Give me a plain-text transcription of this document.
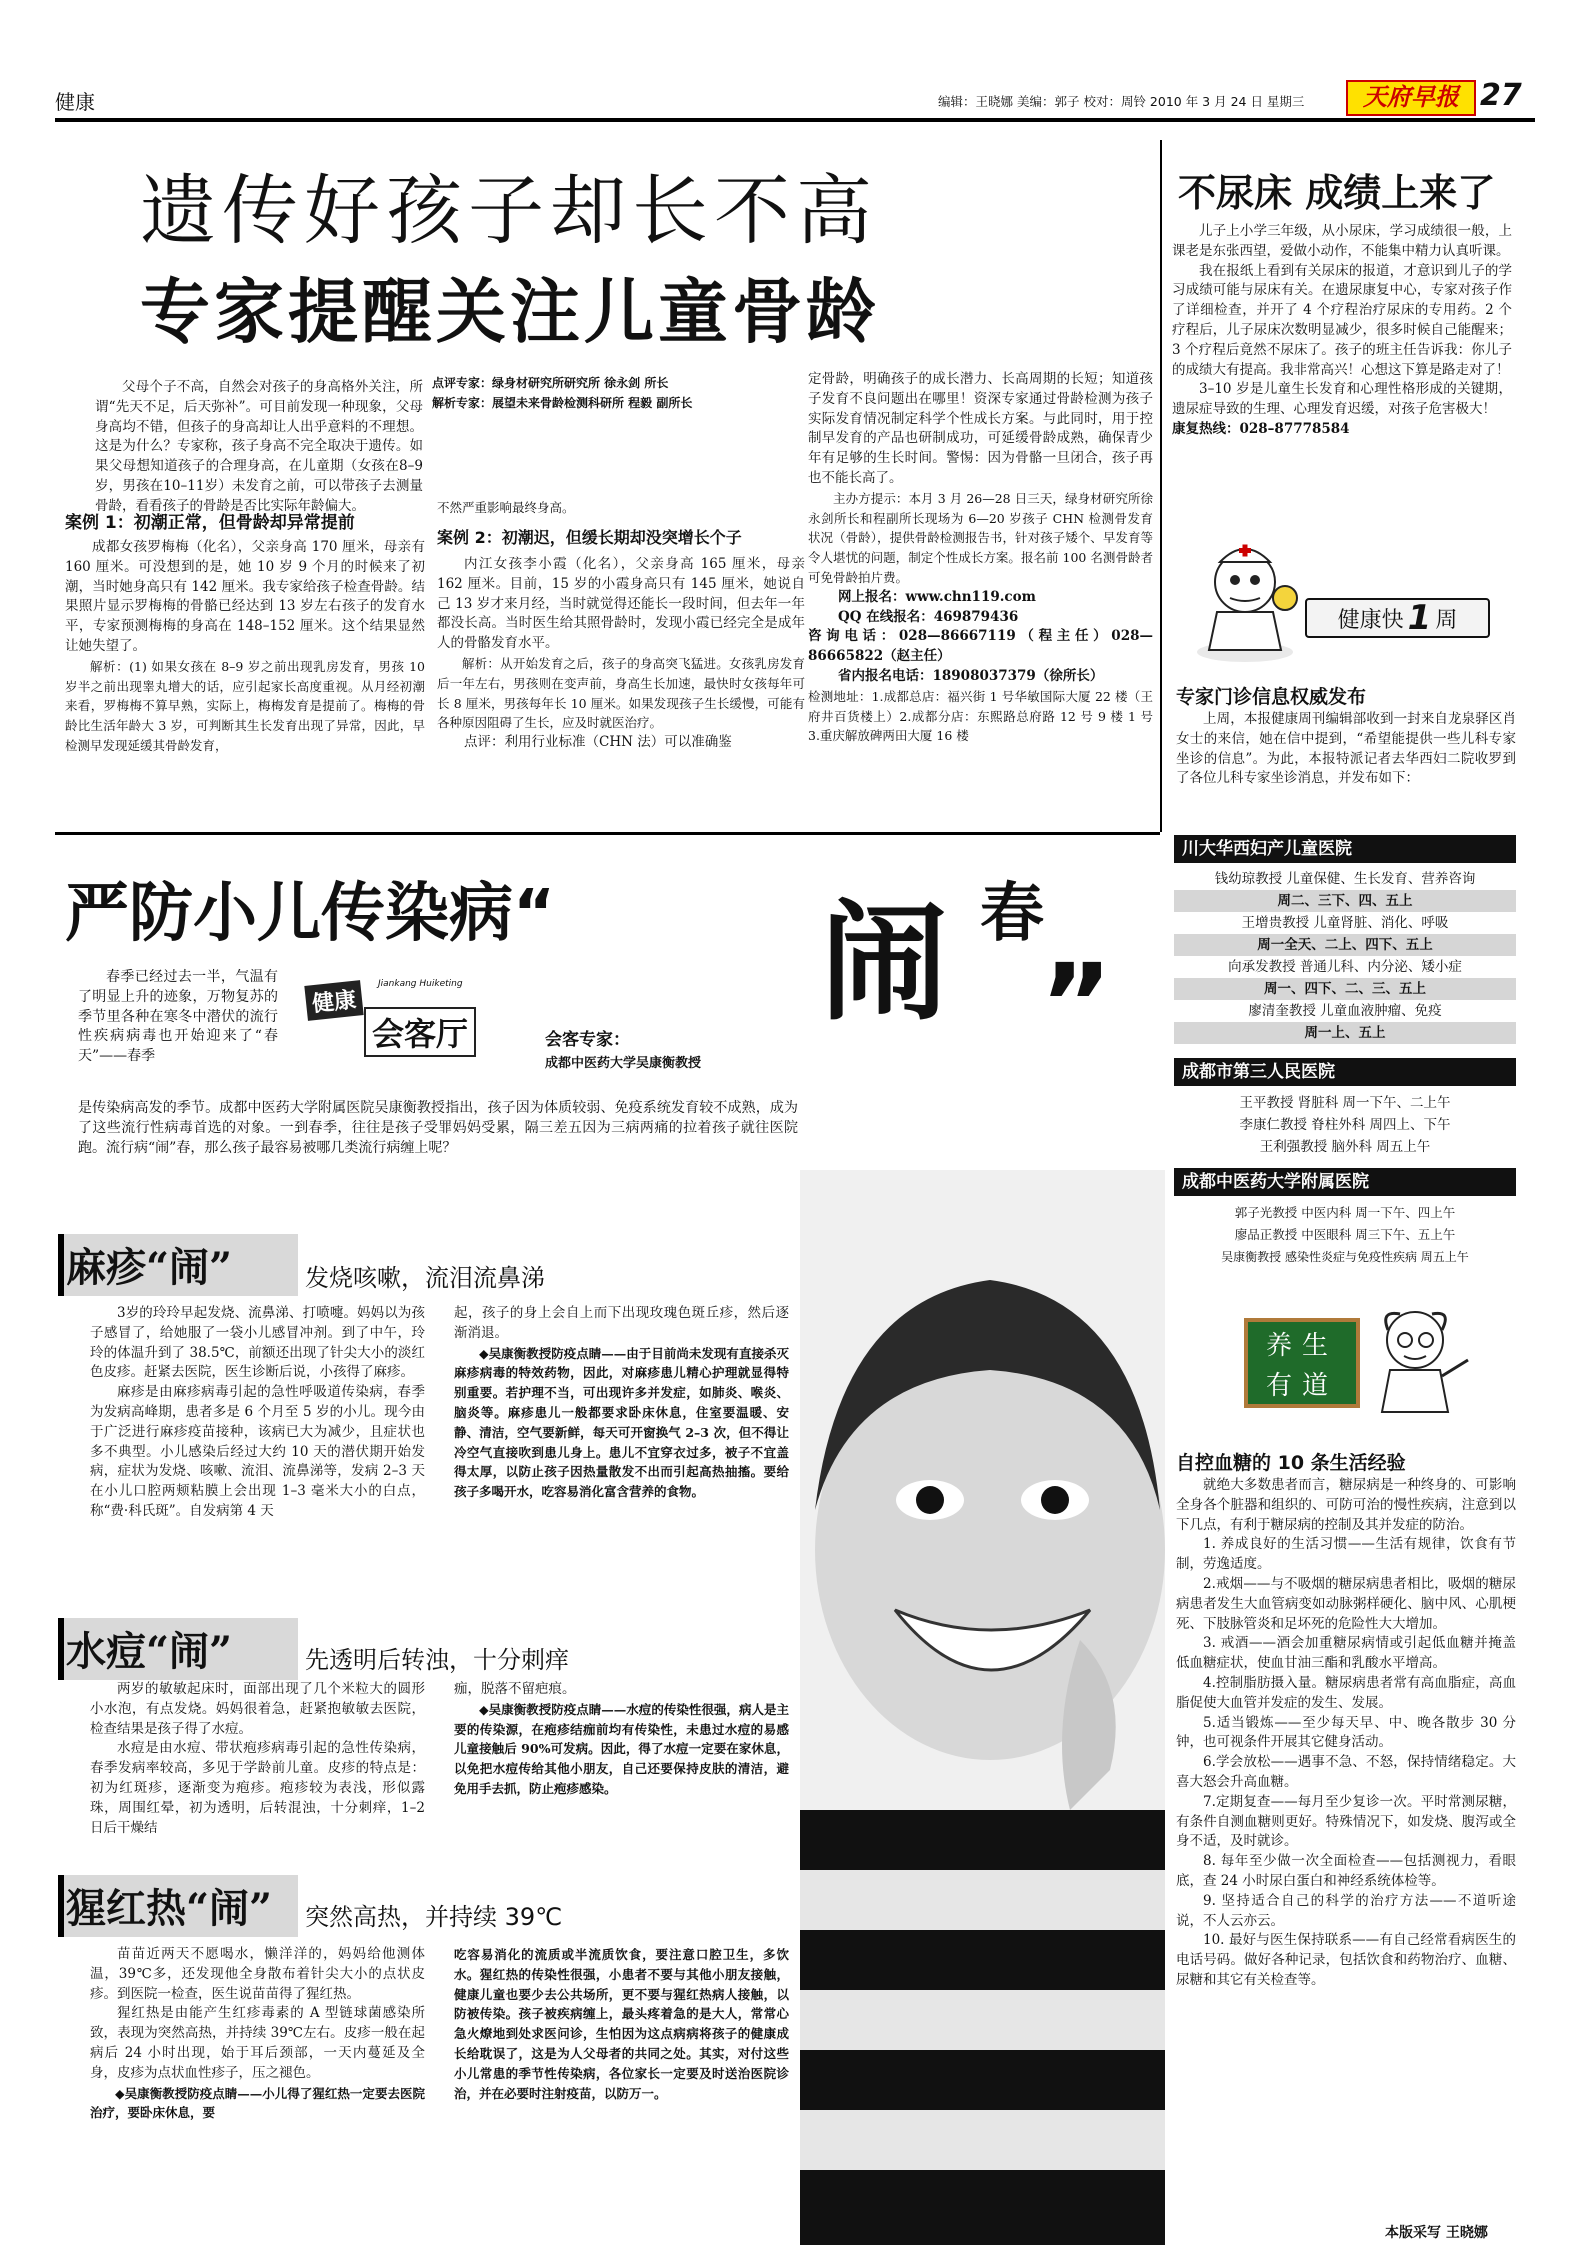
健康	编辑：王晓娜 美编：郭子 校对：周铃 2010 年 3 月 24 日 星期三	天府早报 27
遗传好孩子却长不高
专家提醒关注儿童骨龄

父母个子不高，自然会对孩子的身高格外关注，所谓“先天不足，后天弥补”。可目前发现一种现象，父母身高均不错，但孩子的身高却让人出乎意料的不理想。这是为什么？专家称，孩子身高不完全取决于遗传。如果父母想知道孩子的合理身高，在儿童期（女孩在8–9岁，男孩在10–11岁）未发育之前，可以带孩子去测量骨龄，看看孩子的骨龄是否比实际年龄偏大。

点评专家：绿身材研究所研究所 徐永剑 所长

解析专家：展望未来骨龄检测科研所 程毅 副所长

案例 1：初潮正常，但骨龄却异常提前

成都女孩罗梅梅（化名），父亲身高 170 厘米，母亲有 160 厘米。可没想到的是，她 10 岁 9 个月的时候来了初潮，当时她身高只有 142 厘米。我专家给孩子检查骨龄。结果照片显示罗梅梅的骨骼已经达到 13 岁左右孩子的发育水平，专家预测梅梅的身高在 148–152 厘米。这个结果显然让她失望了。

解析：(1) 如果女孩在 8–9 岁之前出现乳房发育，男孩 10 岁半之前出现睾丸增大的话，应引起家长高度重视。从月经初潮来看，罗梅梅不算早熟，实际上，梅梅发育是提前了。梅梅的骨龄比生活年龄大 3 岁，可判断其生长发育出现了异常，因此，早检测早发现延缓其骨龄发育，

不然严重影响最终身高。

案例 2：初潮迟，但缓长期却没突增长个子

内江女孩李小霞（化名），父亲身高 165 厘米，母亲 162 厘米。目前，15 岁的小霞身高只有 145 厘米，她说自己 13 岁才来月经，当时就觉得还能长一段时间，但去年一年都没长高。当时医生给其照骨龄时，发现小霞已经完全是成年人的骨骼发育水平。

解析：从开始发育之后，孩子的身高突飞猛进。女孩乳房发育后一年左右，男孩则在变声前，身高生长加速，最快时女孩每年可长 8 厘米，男孩每年长 10 厘米。如果发现孩子生长缓慢，可能有各种原因阻碍了生长，应及时就医治疗。

点评：利用行业标准（CHN 法）可以准确鉴

定骨龄，明确孩子的成长潜力、长高周期的长短；知道孩子发育不良问题出在哪里！资深专家通过骨龄检测为孩子实际发育情况制定科学个性成长方案。与此同时，用于控制早发育的产品也研制成功，可延缓骨龄成熟，确保青少年有足够的生长时间。警惕：因为骨骼一旦闭合，孩子再也不能长高了。

主办方提示：本月 3 月 26—28 日三天，绿身材研究所徐永剑所长和程副所长现场为 6—20 岁孩子 CHN 检测骨发育状况（骨龄），提供骨龄检测报告书，针对孩子矮个、早发育等令人堪忧的问题，制定个性成长方案。报名前 100 名测骨龄者可免骨龄拍片费。

网上报名：www.chn119.com

QQ 在线报名：469879436

咨询电话：028—86667119（程主任）028—86665822（赵主任）

省内报名电话：18908037379（徐所长）

检测地址：1.成都总店：福兴街 1 号华敏国际大厦 22 楼（王府井百货楼上）2.成都分店：东熙路总府路 12 号 9 楼 1 号 3.重庆解放碑两田大厦 16 楼

不尿床 成绩上来了

儿子上小学三年级，从小尿床，学习成绩很一般，上课老是东张西望，爱做小动作，不能集中精力认真听课。

我在报纸上看到有关尿床的报道，才意识到儿子的学习成绩可能与尿床有关。在遗尿康复中心，专家对孩子作了详细检查，并开了 4 个疗程治疗尿床的专用药。2 个疗程后，儿子尿床次数明显减少，很多时候自己能醒来；3 个疗程后竟然不尿床了。孩子的班主任告诉我：你儿子的成绩大有提高。我非常高兴！心想这下算是路走对了！

3–10 岁是儿童生长发育和心理性格形成的关键期，遗尿症导致的生理、心理发育迟缓，对孩子危害极大！

康复热线：028–87778584

健康快 1 周
专家门诊信息权威发布

上周，本报健康周刊编辑部收到一封来自龙泉驿区肖女士的来信，她在信中提到，“希望能提供一些儿科专家坐诊的信息”。为此，本报特派记者去华西妇二院收罗到了各位儿科专家坐诊消息，并发布如下：

川大华西妇产儿童医院
钱幼琼教授 儿童保健、生长发育、营养咨询
周二、三下、四、五上
王增贵教授 儿童肾脏、消化、呼吸
周一全天、二上、四下、五上
向承发教授 普通儿科、内分泌、矮小症
周一、四下、二、三、五上
廖清奎教授 儿童血液肿瘤、免疫
周一上、五上
成都市第三人民医院
王平教授 肾脏科 周一下午、二上午
李康仁教授 脊柱外科 周四上、下午
王利强教授 脑外科 周五上午
成都中医药大学附属医院
郭子光教授 中医内科 周一下午、四上午
廖品正教授 中医眼科 周三下午、五上午
吴康衡教授 感染性炎症与免疫性疾病 周五上午
养生有道
自控血糖的 10 条生活经验

就绝大多数患者而言，糖尿病是一种终身的、可影响全身各个脏器和组织的、可防可治的慢性疾病，注意到以下几点，有利于糖尿病的控制及其并发症的防治。

1. 养成良好的生活习惯——生活有规律，饮食有节制，劳逸适度。

2.戒烟——与不吸烟的糖尿病患者相比，吸烟的糖尿病患者发生大血管病变如动脉粥样硬化、脑中风、心肌梗死、下肢脉管炎和足坏死的危险性大大增加。

3. 戒酒——酒会加重糖尿病情或引起低血糖并掩盖低血糖症状，使血甘油三酯和乳酸水平增高。

4.控制脂肪摄入量。糖尿病患者常有高血脂症，高血脂促使大血管并发症的发生、发展。

5.适当锻炼——至少每天早、中、晚各散步 30 分钟，也可视条件开展其它健身活动。

6.学会放松——遇事不急、不怒，保持情绪稳定。大喜大怒会升高血糖。

7.定期复查——每月至少复诊一次。平时常测尿糖，有条件自测血糖则更好。特殊情况下，如发烧、腹泻或全身不适，及时就诊。

8. 每年至少做一次全面检查——包括测视力，看眼底，查 24 小时尿白蛋白和神经系统体检等。

9. 坚持适合自己的科学的治疗方法——不道听途说，不人云亦云。

10. 最好与医生保持联系——有自己经常看病医生的电话号码。做好各种记录，包括饮食和药物治疗、血糖、尿糖和其它有关检查等。

本版采写 王晓娜
严防小儿传染病“ 闹 春
”

春季已经过去一半，气温有了明显上升的迹象，万物复苏的季节里各种在寒冬中潜伏的流行性疾病病毒也开始迎来了“春天”——春季

健康
Jiankang Huiketing
会客厅	会客专家：
成都中医药大学吴康衡教授

是传染病高发的季节。成都中医药大学附属医院吴康衡教授指出，孩子因为体质较弱、免疫系统发育较不成熟，成为了这些流行性病毒首选的对象。一到春季，往往是孩子受罪妈妈受累，隔三差五因为三病两痛的拉着孩子就往医院跑。流行病“闹”春，那么孩子最容易被哪几类流行病缠上呢？

麻疹“闹”	发烧咳嗽，流泪流鼻涕

3岁的玲玲早起发烧、流鼻涕、打喷嚏。妈妈以为孩子感冒了，给她服了一袋小儿感冒冲剂。到了中午，玲玲的体温升到了 38.5℃，前额还出现了针尖大小的淡红色皮疹。赶紧去医院，医生诊断后说，小孩得了麻疹。

麻疹是由麻疹病毒引起的急性呼吸道传染病，春季为发病高峰期，患者多是 6 个月至 5 岁的小儿。现今由于广泛进行麻疹疫苗接种，该病已大为减少，且症状也多不典型。小儿感染后经过大约 10 天的潜伏期开始发病，症状为发烧、咳嗽、流泪、流鼻涕等，发病 2–3 天在小儿口腔两颊粘膜上会出现 1–3 毫米大小的白点，称“费·科氏斑”。自发病第 4 天

起，孩子的身上会自上而下出现玫瑰色斑丘疹，然后逐渐消退。

◆吴康衡教授防疫点睛——由于目前尚未发现有直接杀灭麻疹病毒的特效药物，因此，对麻疹患儿精心护理就显得特别重要。若护理不当，可出现许多并发症，如肺炎、喉炎、脑炎等。麻疹患儿一般都要求卧床休息，住室要温暖、安静、清洁，空气要新鲜，每天可开窗换气 2–3 次，但不得让冷空气直接吹到患儿身上。患儿不宜穿衣过多，被子不宜盖得太厚，以防止孩子因热量散发不出而引起高热抽搐。要给孩子多喝开水，吃容易消化富含营养的食物。

水痘“闹”	先透明后转浊，十分刺痒

两岁的敏敏起床时，面部出现了几个米粒大的圆形小水泡，有点发烧。妈妈很着急，赶紧抱敏敏去医院，检查结果是孩子得了水痘。

水痘是由水痘、带状疱疹病毒引起的急性传染病，春季发病率较高，多见于学龄前儿童。皮疹的特点是：初为红斑疹，逐渐变为疱疹。疱疹较为表浅，形似露珠，周围红晕，初为透明，后转混浊，十分刺痒，1–2 日后干燥结

痂，脱落不留疤痕。

◆吴康衡教授防疫点睛——水痘的传染性很强，病人是主要的传染源，在疱疹结痂前均有传染性，未患过水痘的易感儿童接触后 90%可发病。因此，得了水痘一定要在家休息，以免把水痘传给其他小朋友，自己还要保持皮肤的清洁，避免用手去抓，防止疱疹感染。

猩红热“闹” 突然高热，并持续 39℃

苗苗近两天不愿喝水，懒洋洋的，妈妈给他测体温，39℃多，还发现他全身散布着针尖大小的点状皮疹。到医院一检查，医生说苗苗得了猩红热。

猩红热是由能产生红疹毒素的 A 型链球菌感染所致，表现为突然高热，并持续 39℃左右。皮疹一般在起病后 24 小时出现，始于耳后颈部，一天内蔓延及全身，皮疹为点状血性疹子，压之褪色。

◆吴康衡教授防疫点睛——小儿得了猩红热一定要去医院治疗，要卧床休息，要

吃容易消化的流质或半流质饮食，要注意口腔卫生，多饮水。猩红热的传染性很强，小患者不要与其他小朋友接触，健康儿童也要少去公共场所，更不要与猩红热病人接触，以防被传染。孩子被疾病缠上，最头疼着急的是大人，常常心急火燎地到处求医问诊，生怕因为这点病病将孩子的健康成长给耽误了，这是为人父母者的共同之处。其实，对付这些小儿常患的季节性传染病，各位家长一定要及时送治医院诊治，并在必要时注射疫苗，以防万一。
